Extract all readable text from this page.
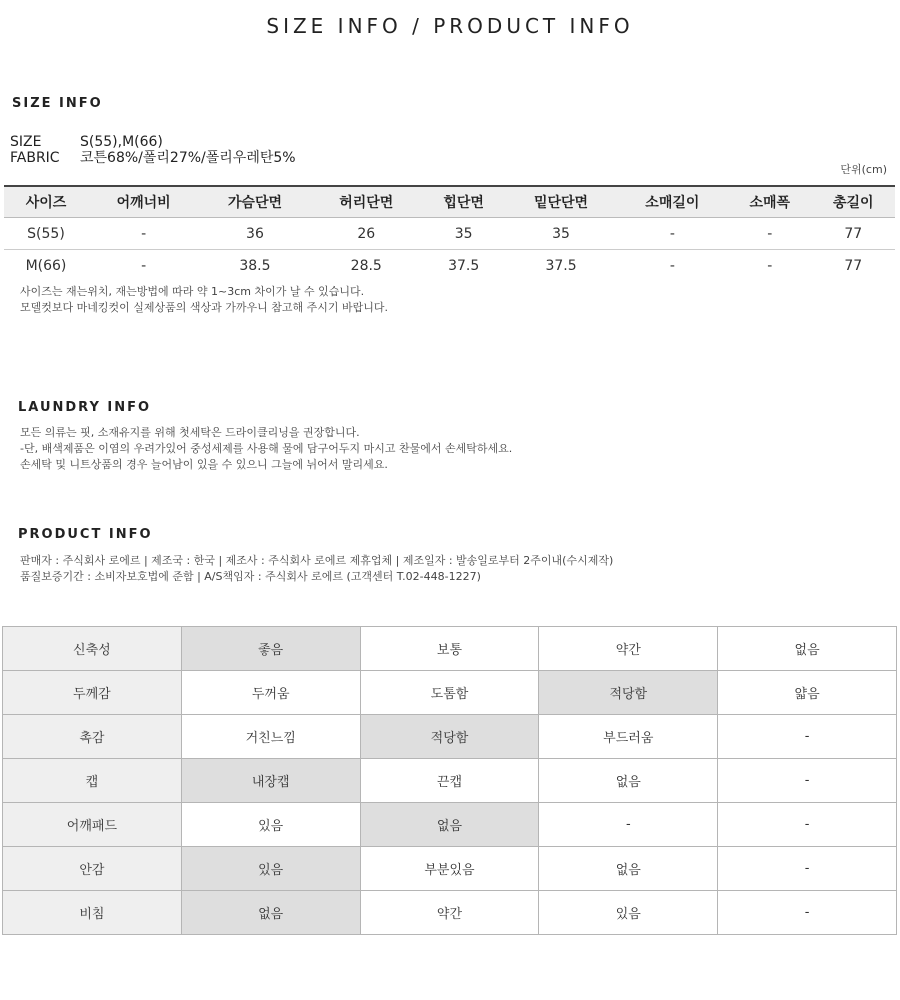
SIZE INFO / PRODUCT INFO
SIZE INFO
SIZE	S(55),M(66)
FABRIC 코튼68%/폴리27%/폴리우레탄5%
단위(cm)
사이즈	어깨너비	가슴단면	허리단면	힙단면	밑단단면	소매길이	소매폭	총길이
S(55)	-	36	26	35	35	-	-	77
M(66)	-	38.5	28.5	37.5	37.5	-	-	77
사이즈는 재는위치, 재는방법에 따라 약 1~3cm 차이가 날 수 있습니다.
모델컷보다 마네킹컷이 실제상품의 색상과 가까우니 참고해 주시기 바랍니다.
LAUNDRY INFO
모든 의류는 핏, 소재유지를 위해 첫세탁은 드라이클리닝을 권장합니다.
-단, 배색제품은 이염의 우려가있어 중성세제를 사용해 물에 담구어두지 마시고 찬물에서 손세탁하세요.
손세탁 및 니트상품의 경우 늘어남이 있을 수 있으니 그늘에 뉘어서 말리세요.
PRODUCT INFO
판매자 : 주식회사 로에르 | 제조국 : 한국 | 제조사 : 주식회사 로에르 제휴업체 | 제조일자 : 발송일로부터 2주이내(수시제작)
품질보증기간 : 소비자보호법에 준함 | A/S책임자 : 주식회사 로에르 (고객센터 T.02-448-1227)
신축성	좋음	보통	약간	없음
두께감	두꺼움	도톰함	적당함	얇음
촉감	거친느낌	적당함	부드러움	-
캡	내장캡	끈캡	없음	-
어깨패드	있음	없음	-	-
안감	있음	부분있음	없음	-
비침	없음	약간	있음	-
